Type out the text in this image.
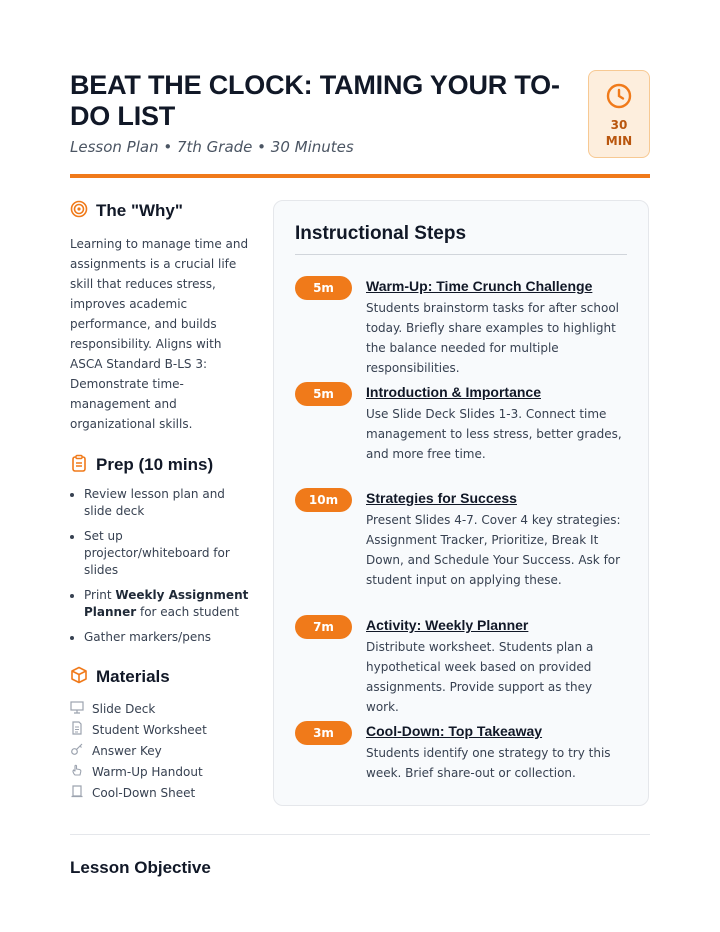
BEAT THE CLOCK: TAMING YOUR TO-DO LIST
Lesson Plan • 7th Grade • 30 Minutes
30
MIN
The "Why"
Learning to manage time and assignments is a crucial life skill that reduces stress, improves academic performance, and builds responsibility. Aligns with ASCA Standard B-LS 3: Demonstrate time-management and organizational skills.
Prep (10 mins)
• Review lesson plan and slide deck
• Set up projector/whiteboard for slides
• Print Weekly Assignment Planner for each student
• Gather markers/pens
Materials
Slide Deck
Student Worksheet
Answer Key
Warm-Up Handout
Cool-Down Sheet
Instructional Steps
5m	Warm-Up: Time Crunch Challenge
Students brainstorm tasks for after school today. Briefly share examples to highlight the balance needed for multiple responsibilities.
5m	Introduction & Importance
Use Slide Deck Slides 1-3. Connect time management to less stress, better grades, and more free time.
10m	Strategies for Success
Present Slides 4-7. Cover 4 key strategies: Assignment Tracker, Prioritize, Break It Down, and Schedule Your Success. Ask for student input on applying these.
7m	Activity: Weekly Planner
Distribute worksheet. Students plan a hypothetical week based on provided assignments. Provide support as they work.
3m	Cool-Down: Top Takeaway
Students identify one strategy to try this week. Brief share-out or collection.
Lesson Objective
